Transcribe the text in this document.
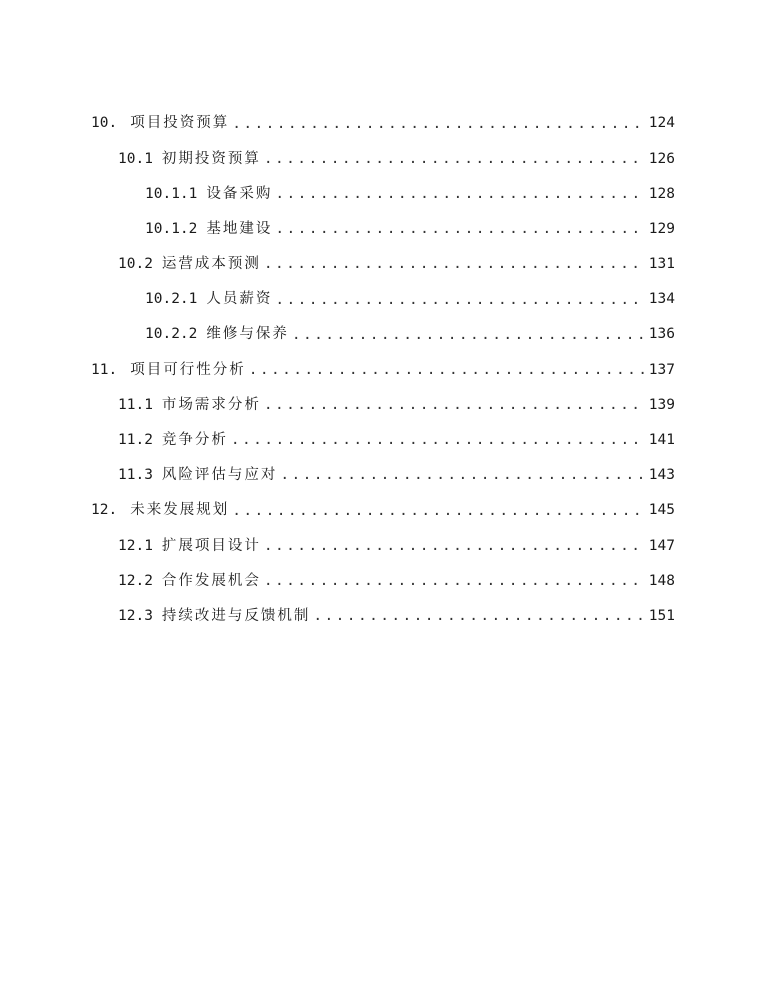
10. 项目投资预算 .....	124
10.1 初期投资预算 .....	126
10.1.1 设备采购 .....	128
10.1.2 基地建设 .....	129
10.2 运营成本预测 .....	131
10.2.1 人员薪资 .....	134
10.2.2 维修与保养 .....	136
11. 项目可行性分析 .....	137
11.1 市场需求分析 .....	139
11.2 竞争分析 .....	141
11.3 风险评估与应对 .....	143
12. 未来发展规划 .....	145
12.1 扩展项目设计 .....	147
12.2 合作发展机会 .....	148
12.3 持续改进与反馈机制 .....	151
